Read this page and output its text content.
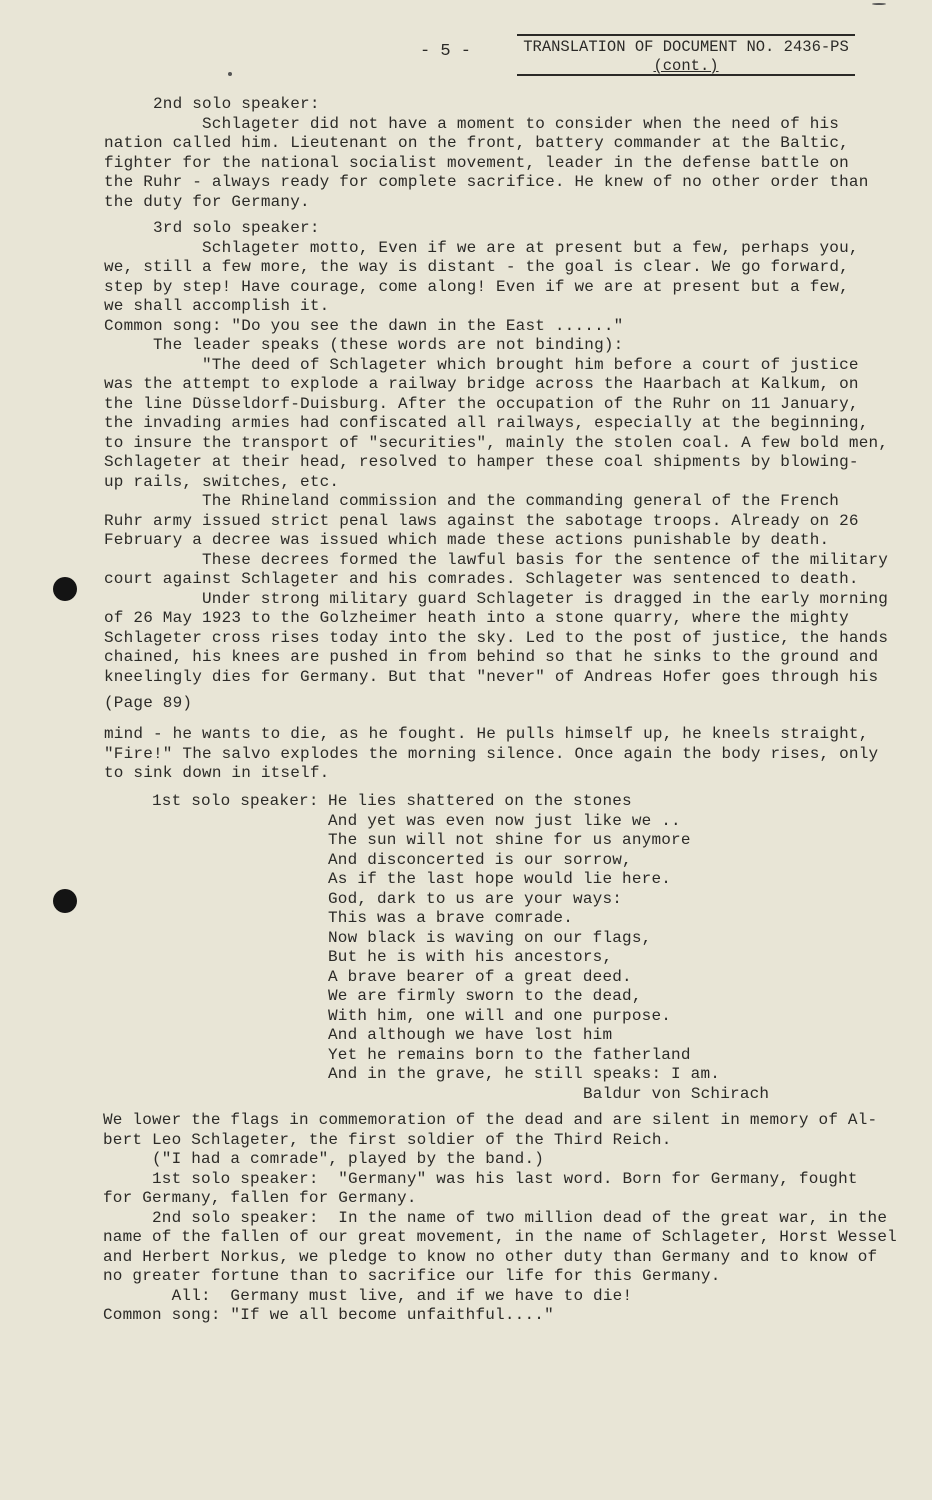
- 5 -	TRANSLATION OF DOCUMENT NO. 2436-PS
(cont.)
2nd solo speaker:
Schlageter did not have a moment to consider when the need of his
nation called him. Lieutenant on the front, battery commander at the Baltic,
fighter for the national socialist movement, leader in the defense battle on
the Ruhr - always ready for complete sacrifice. He knew of no other order than
the duty for Germany.
3rd solo speaker:
Schlageter motto, Even if we are at present but a few, perhaps you,
we, still a few more, the way is distant - the goal is clear. We go forward,
step by step! Have courage, come along! Even if we are at present but a few,
we shall accomplish it.
Common song: "Do you see the dawn in the East ......"
The leader speaks (these words are not binding):
"The deed of Schlageter which brought him before a court of justice
was the attempt to explode a railway bridge across the Haarbach at Kalkum, on
the line Düsseldorf-Duisburg. After the occupation of the Ruhr on 11 January,
the invading armies had confiscated all railways, especially at the beginning,
to insure the transport of "securities", mainly the stolen coal. A few bold men,
Schlageter at their head, resolved to hamper these coal shipments by blowing-
up rails, switches, etc.
The Rhineland commission and the commanding general of the French
Ruhr army issued strict penal laws against the sabotage troops. Already on 26
February a decree was issued which made these actions punishable by death.
These decrees formed the lawful basis for the sentence of the military
court against Schlageter and his comrades. Schlageter was sentenced to death.
Under strong military guard Schlageter is dragged in the early morning
of 26 May 1923 to the Golzheimer heath into a stone quarry, where the mighty
Schlageter cross rises today into the sky. Led to the post of justice, the hands
chained, his knees are pushed in from behind so that he sinks to the ground and
kneelingly dies for Germany. But that "never" of Andreas Hofer goes through his
(Page 89)
mind - he wants to die, as he fought. He pulls himself up, he kneels straight,
"Fire!" The salvo explodes the morning silence. Once again the body rises, only
to sink down in itself.
1st solo speaker: He lies shattered on the stones
And yet was even now just like we ..
The sun will not shine for us anymore
And disconcerted is our sorrow,
As if the last hope would lie here.
God, dark to us are your ways:
This was a brave comrade.
Now black is waving on our flags,
But he is with his ancestors,
A brave bearer of a great deed.
We are firmly sworn to the dead,
With him, one will and one purpose.
And although we have lost him
Yet he remains born to the fatherland
And in the grave, he still speaks: I am.
Baldur von Schirach
We lower the flags in commemoration of the dead and are silent in memory of Al-
bert Leo Schlageter, the first soldier of the Third Reich.
("I had a comrade", played by the band.)
1st solo speaker:  "Germany" was his last word. Born for Germany, fought
for Germany, fallen for Germany.
2nd solo speaker:  In the name of two million dead of the great war, in the
name of the fallen of our great movement, in the name of Schlageter, Horst Wessel
and Herbert Norkus, we pledge to know no other duty than Germany and to know of
no greater fortune than to sacrifice our life for this Germany.
All:  Germany must live, and if we have to die!
Common song: "If we all become unfaithful...."
